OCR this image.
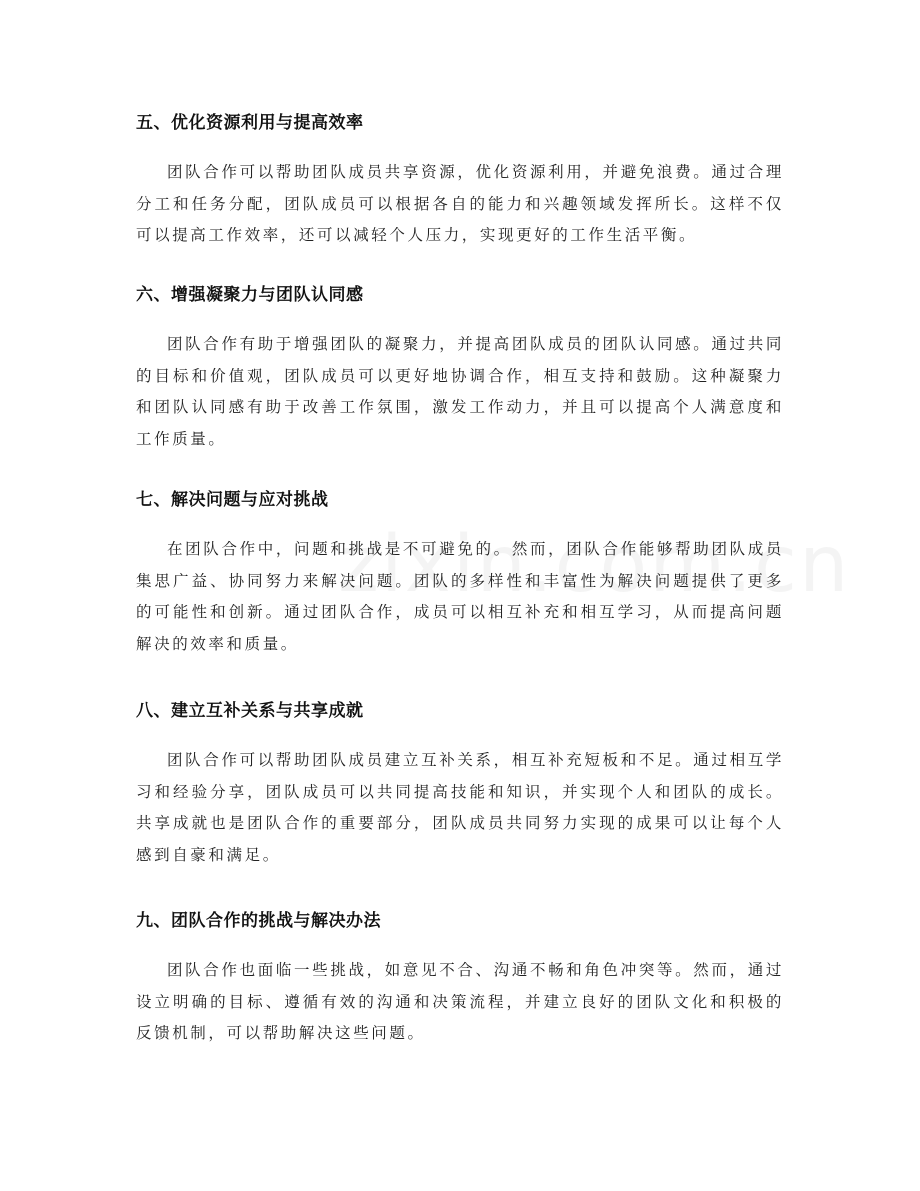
五、优化资源利用与提高效率

团队合作可以帮助团队成员共享资源，优化资源利用，并避免浪费。通过合理分工和任务分配，团队成员可以根据各自的能力和兴趣领域发挥所长。这样不仅可以提高工作效率，还可以减轻个人压力，实现更好的工作生活平衡。

六、增强凝聚力与团队认同感

团队合作有助于增强团队的凝聚力，并提高团队成员的团队认同感。通过共同的目标和价值观，团队成员可以更好地协调合作，相互支持和鼓励。这种凝聚力和团队认同感有助于改善工作氛围，激发工作动力，并且可以提高个人满意度和工作质量。

七、解决问题与应对挑战

在团队合作中，问题和挑战是不可避免的。然而，团队合作能够帮助团队成员集思广益、协同努力来解决问题。团队的多样性和丰富性为解决问题提供了更多的可能性和创新。通过团队合作，成员可以相互补充和相互学习，从而提高问题解决的效率和质量。

八、建立互补关系与共享成就

团队合作可以帮助团队成员建立互补关系，相互补充短板和不足。通过相互学习和经验分享，团队成员可以共同提高技能和知识，并实现个人和团队的成长。共享成就也是团队合作的重要部分，团队成员共同努力实现的成果可以让每个人感到自豪和满足。

九、团队合作的挑战与解决办法

团队合作也面临一些挑战，如意见不合、沟通不畅和角色冲突等。然而，通过设立明确的目标、遵循有效的沟通和决策流程，并建立良好的团队文化和积极的反馈机制，可以帮助解决这些问题。
